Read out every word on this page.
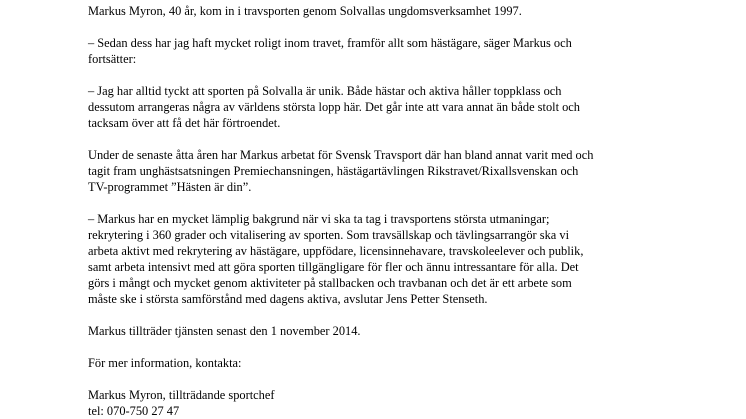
Markus Myron, 40 år, kom in i travsporten genom Solvallas ungdomsverksamhet 1997.

– Sedan dess har jag haft mycket roligt inom travet, framför allt som hästägare, säger Markus och

fortsätter:

– Jag har alltid tyckt att sporten på Solvalla är unik. Både hästar och aktiva håller toppklass och

dessutom arrangeras några av världens största lopp här. Det går inte att vara annat än både stolt och

tacksam över att få det här förtroendet.

Under de senaste åtta åren har Markus arbetat för Svensk Travsport där han bland annat varit med och

tagit fram unghästsatsningen Premiechansningen, hästägartävlingen Rikstravet/Rixallsvenskan och

TV-programmet ”Hästen är din”.

– Markus har en mycket lämplig bakgrund när vi ska ta tag i travsportens största utmaningar;

rekrytering i 360 grader och vitalisering av sporten. Som travsällskap och tävlingsarrangör ska vi

arbeta aktivt med rekrytering av hästägare, uppfödare, licensinnehavare, travskoleelever och publik,

samt arbeta intensivt med att göra sporten tillgängligare för fler och ännu intressantare för alla. Det

görs i mångt och mycket genom aktiviteter på stallbacken och travbanan och det är ett arbete som

måste ske i största samförstånd med dagens aktiva, avslutar Jens Petter Stenseth.

Markus tillträder tjänsten senast den 1 november 2014.

För mer information, kontakta:

Markus Myron, tillträdande sportchef

tel: 070-750 27 47
